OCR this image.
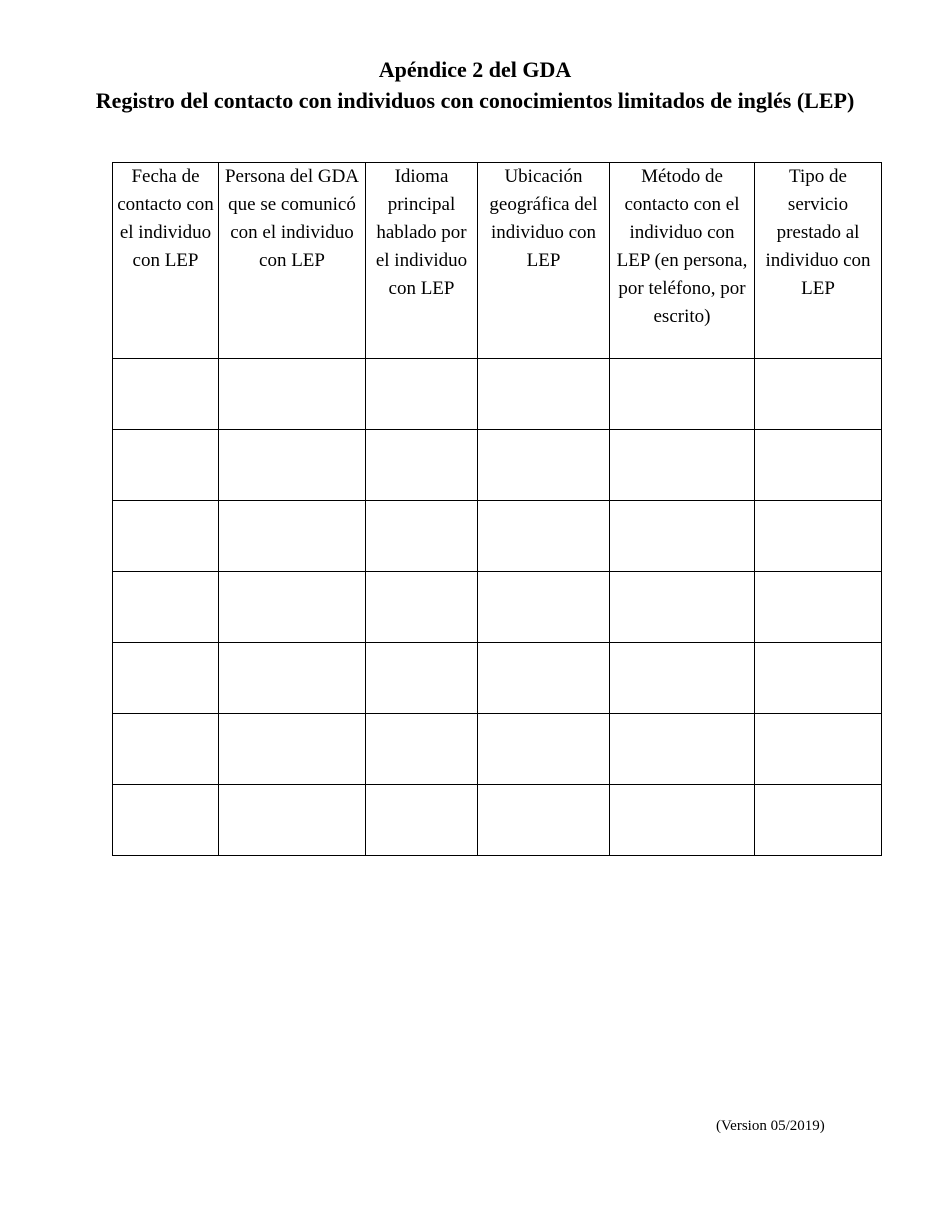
Apéndice 2 del GDA
Registro del contacto con individuos con conocimientos limitados de inglés (LEP)
Fecha de contacto con el individuo con LEP	Persona del GDA que se comunicó con el individuo con LEP	Idioma principal hablado por el individuo con LEP	Ubicación geográfica del individuo con LEP	Método de contacto con el individuo con LEP (en persona, por teléfono, por escrito)	Tipo de servicio prestado al individuo con LEP

(Version 05/2019)
